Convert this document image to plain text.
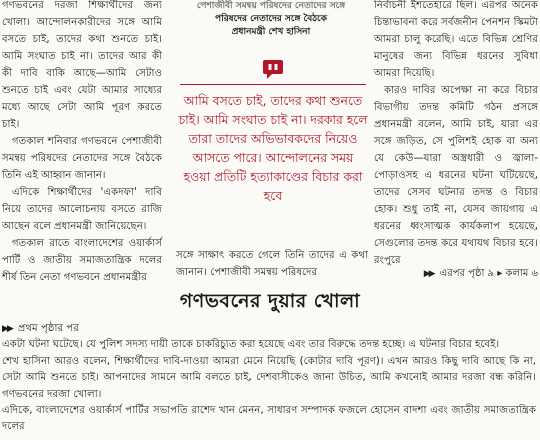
গণভবনের দরজা শিক্ষার্থীদের জন্য খোলা। আন্দোলনকারীদের সঙ্গে আমি বসতে চাই, তাদের কথা শুনতে চাই। আমি সংঘাত চাই না। তাদের আর কী কী দাবি বাকি আছে—আমি সেটাও শুনতে চাই এবং যেটা আমার সাধ্যের মধ্যে আছে সেটা আমি পূরণ করতে চাই।

গতকাল শনিবার গণভবনে পেশাজীবী সমন্বয় পরিষদের নেতাদের সঙ্গে বৈঠকে তিনি এই আহ্বান জানান।

এদিকে শিক্ষার্থীদের 'একদফা' দাবি নিয়ে তাদের আলোচনায় বসতে রাজি আছেন বলে প্রধানমন্ত্রী জানিয়েছেন।

গতকাল রাতে বাংলাদেশের ওয়ার্কার্স পার্টি ও জাতীয় সমাজতান্ত্রিক দলের শীর্ষ তিন নেতা গণভবনে প্রধানমন্ত্রীর

পেশাজীবী সমন্বয় পরিষদের নেতাদের সঙ্গে
পরিষদের নেতাদের সঙ্গে বৈঠকে
প্রধানমন্ত্রী শেখ হাসিনা
আমি বসতে চাই, তাদের কথা শুনতে চাই। আমি সংঘাত চাই না। দরকার হলে তারা তাদের অভিভাবকদের নিয়েও আসতে পারে। আন্দোলনের সময় হওয়া প্রতিটি হত্যাকাণ্ডের বিচার করা হবে
সঙ্গে সাক্ষাৎ করতে গেলে তিনি তাদের এ কথা জানান। পেশাজীবী সমন্বয় পরিষদের

নির্বাচনী ইশতেহারে ছিল। এরপর অনেক চিন্তাভাবনা করে সর্বজনীন পেনশন স্কিমটা আমরা চালু করেছি। এতে বিভিন্ন শ্রেণির মানুষের জন্য বিভিন্ন ধরনের সুবিধা আমরা দিয়েছি।

কারও দাবির অপেক্ষা না করে বিচার বিভাগীয় তদন্ত কমিটি গঠন প্রসঙ্গে প্রধানমন্ত্রী বলেন, আমি চাই, যারা এর সঙ্গে জড়িত, সে পুলিশই হোক বা অন্য যে কেউ—যারা অস্ত্রধারী ও জ্বালা-পোড়াওসহ এ ধরনের ঘটনা ঘটিয়েছে, তাদের সেসব ঘটনার তদন্ত ও বিচার হোক। শুধু তাই না, যেসব জায়গায় এ ধরনের ধ্বংসাত্মক কার্যকলাপ হয়েছে, সেগুলোর তদন্ত করে যথাযথ বিচার হবে। রংপুরে

▶▶ এরপর পৃষ্ঠা ৯ ▸ কলাম ৬
গণভবনের দুয়ার খোলা
▶▶ প্রথম পৃষ্ঠার পর

একটা ঘটনা ঘটেছে। যে পুলিশ সদস্য দায়ী তাকে চাকরিচ্যুত করা হয়েছে এবং তার বিরুদ্ধে তদন্ত হচ্ছে। এ ঘটনার বিচার হবেই।

শেখ হাসিনা আরও বলেন, শিক্ষার্থীদের দাবি-দাওয়া আমরা মেনে নিয়েছি (কোটার দাবি পূরণ)। এখন আরও কিছু দাবি আছে কি না, সেটা আমি শুনতে চাই। আপনাদের সামনে আমি বলতে চাই, দেশবাসীকেও জানা উচিত, আমি কখনোই আমার দরজা বন্ধ করিনি। গণভবনের দরজা খোলা।

এদিকে, বাংলাদেশের ওয়ার্কার্স পার্টির সভাপতি রাশেদ খান মেনন, সাধারণ সম্পাদক ফজলে হোসেন বাদশা এবং জাতীয় সমাজতান্ত্রিক দলের
